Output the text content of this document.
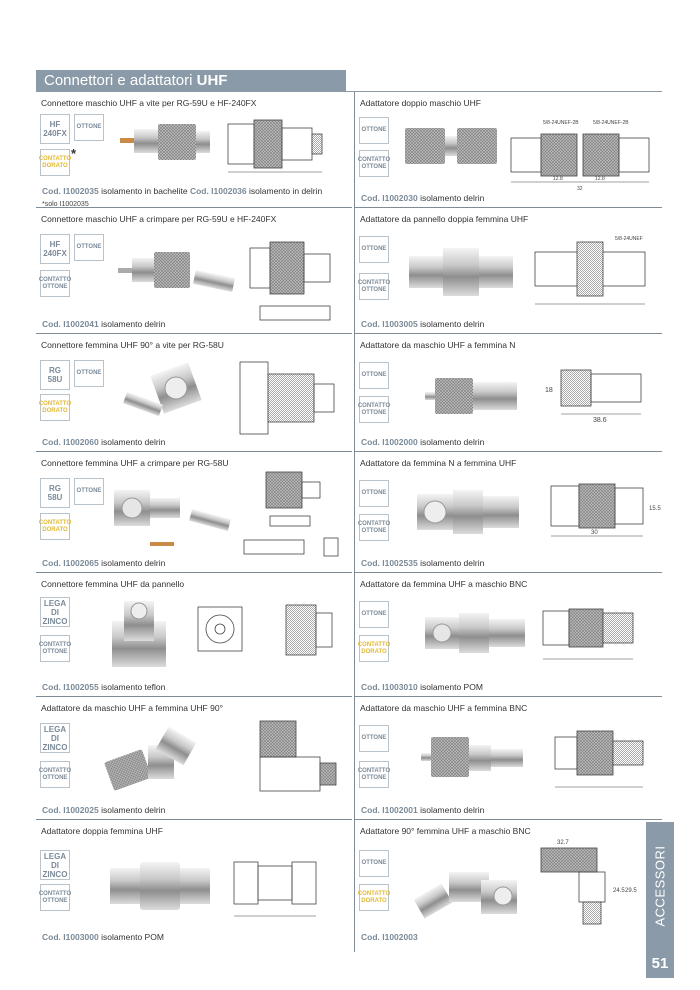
Connettori e adattatori UHF
Connettore maschio UHF a vite per RG-59U e HF-240FX
HF 240FX
OTTONE
CONTATTO DORATO
*
Cod. I1002035 isolamento in bachelite Cod. I1002036 isolamento in delrin
*solo I1002035
Adattatore doppio maschio UHF
OTTONE
CONTATTO OTTONE
5/8-24UNEF-2B	5/8-24UNEF-2B
12.8	12.8
32
Cod. I1002030 isolamento delrin
Connettore maschio UHF a crimpare per RG-59U e HF-240FX
HF 240FX
OTTONE
CONTATTO OTTONE
Cod. I1002041 isolamento delrin
Adattatore da pannello doppia femmina UHF
OTTONE
CONTATTO OTTONE
5/8-24UNEF
Cod. I1003005 isolamento delrin
Connettore femmina UHF 90° a vite per RG-58U
RG 58U
OTTONE
CONTATTO DORATO
Cod. I1002060 isolamento delrin
Adattatore da maschio UHF a femmina N
OTTONE
CONTATTO OTTONE
18
38.6
Cod. I1002000 isolamento delrin
Connettore femmina UHF a crimpare per RG-58U
RG 58U
OTTONE
CONTATTO DORATO
Cod. I1002065 isolamento delrin
Adattatore da femmina N a femmina UHF
OTTONE
CONTATTO OTTONE
15.5
30
Cod. I1002535 isolamento delrin
Connettore femmina UHF da pannello
LEGA DI ZINCO
CONTATTO OTTONE
Cod. I1002055 isolamento teflon
Adattatore da femmina UHF a maschio BNC
OTTONE
CONTATTO DORATO
Cod. I1003010 isolamento POM
Adattatore da maschio UHF a femmina UHF 90°
LEGA DI ZINCO
CONTATTO OTTONE
Cod. I1002025 isolamento delrin
Adattatore da maschio UHF a femmina BNC
OTTONE
CONTATTO OTTONE
Cod. I1002001 isolamento delrin
Adattatore doppia femmina UHF
LEGA DI ZINCO
CONTATTO OTTONE
Cod. I1003000 isolamento POM
Adattatore 90° femmina UHF a maschio BNC
OTTONE
CONTATTO DORATO
32.7
24.5 29.5
Cod. I1002003
ACCESSORI
51
